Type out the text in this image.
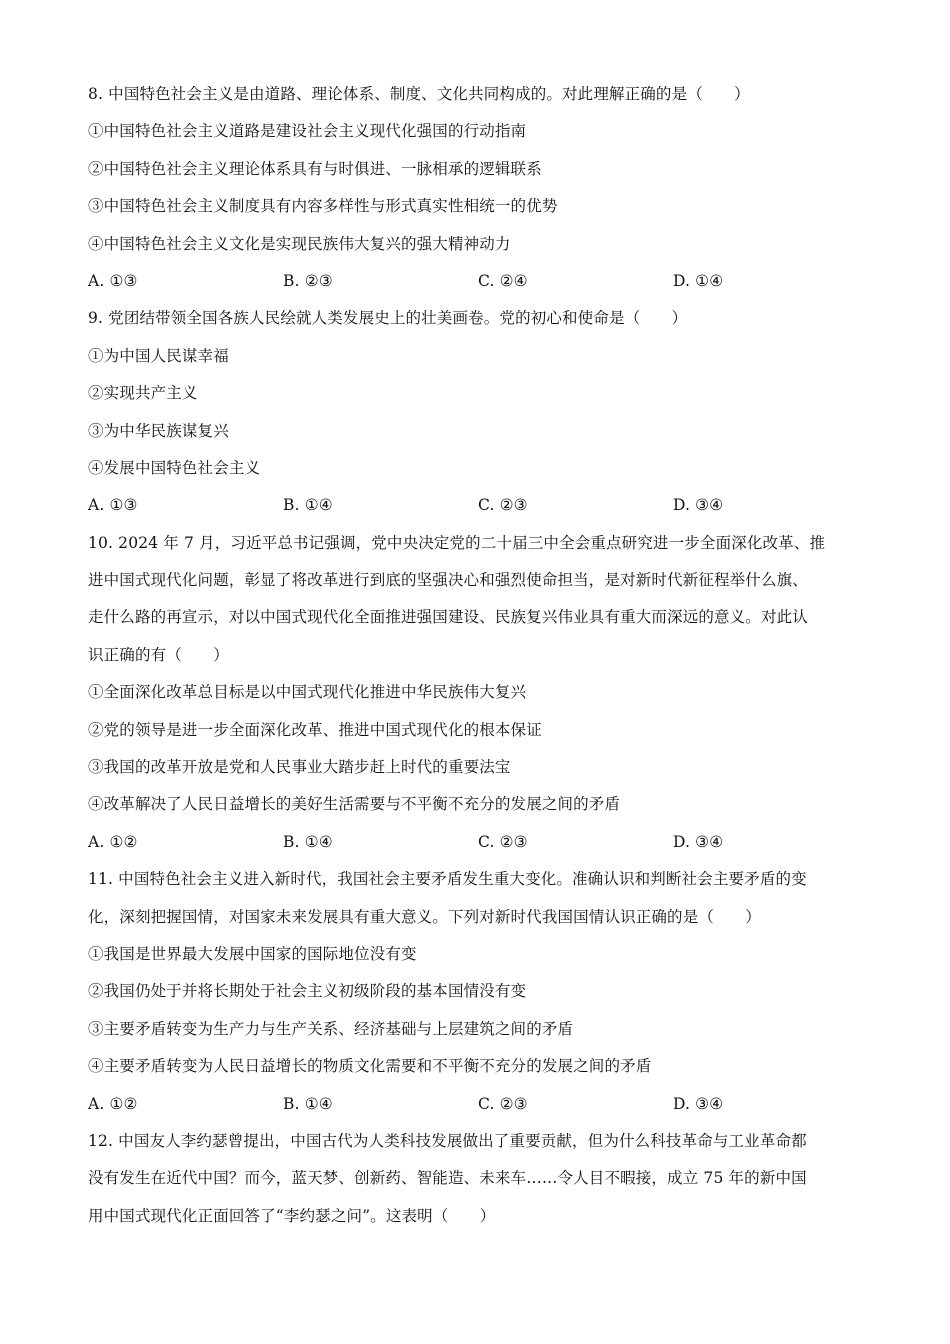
8. 中国特色社会主义是由道路、理论体系、制度、文化共同构成的。对此理解正确的是（　　）
①中国特色社会主义道路是建设社会主义现代化强国的行动指南
②中国特色社会主义理论体系具有与时俱进、一脉相承的逻辑联系
③中国特色社会主义制度具有内容多样性与形式真实性相统一的优势
④中国特色社会主义文化是实现民族伟大复兴的强大精神动力
A. ①③	B. ②③	C. ②④	D. ①④
9. 党团结带领全国各族人民绘就人类发展史上的壮美画卷。党的初心和使命是（　　）
①为中国人民谋幸福
②实现共产主义
③为中华民族谋复兴
④发展中国特色社会主义
A. ①③	B. ①④	C. ②③	D. ③④
10. 2024 年 7 月，习近平总书记强调，党中央决定党的二十届三中全会重点研究进一步全面深化改革、推
进中国式现代化问题，彰显了将改革进行到底的坚强决心和强烈使命担当，是对新时代新征程举什么旗、
走什么路的再宣示，对以中国式现代化全面推进强国建设、民族复兴伟业具有重大而深远的意义。对此认
识正确的有（　　）
①全面深化改革总目标是以中国式现代化推进中华民族伟大复兴
②党的领导是进一步全面深化改革、推进中国式现代化的根本保证
③我国的改革开放是党和人民事业大踏步赶上时代的重要法宝
④改革解决了人民日益增长的美好生活需要与不平衡不充分的发展之间的矛盾
A. ①②	B. ①④	C. ②③	D. ③④
11. 中国特色社会主义进入新时代，我国社会主要矛盾发生重大变化。准确认识和判断社会主要矛盾的变
化，深刻把握国情，对国家未来发展具有重大意义。下列对新时代我国国情认识正确的是（　　）
①我国是世界最大发展中国家的国际地位没有变
②我国仍处于并将长期处于社会主义初级阶段的基本国情没有变
③主要矛盾转变为生产力与生产关系、经济基础与上层建筑之间的矛盾
④主要矛盾转变为人民日益增长的物质文化需要和不平衡不充分的发展之间的矛盾
A. ①②	B. ①④	C. ②③	D. ③④
12. 中国友人李约瑟曾提出，中国古代为人类科技发展做出了重要贡献，但为什么科技革命与工业革命都
没有发生在近代中国？而今，蓝天梦、创新药、智能造、未来车……令人目不暇接，成立 75 年的新中国
用中国式现代化正面回答了“李约瑟之问”。这表明（　　）
